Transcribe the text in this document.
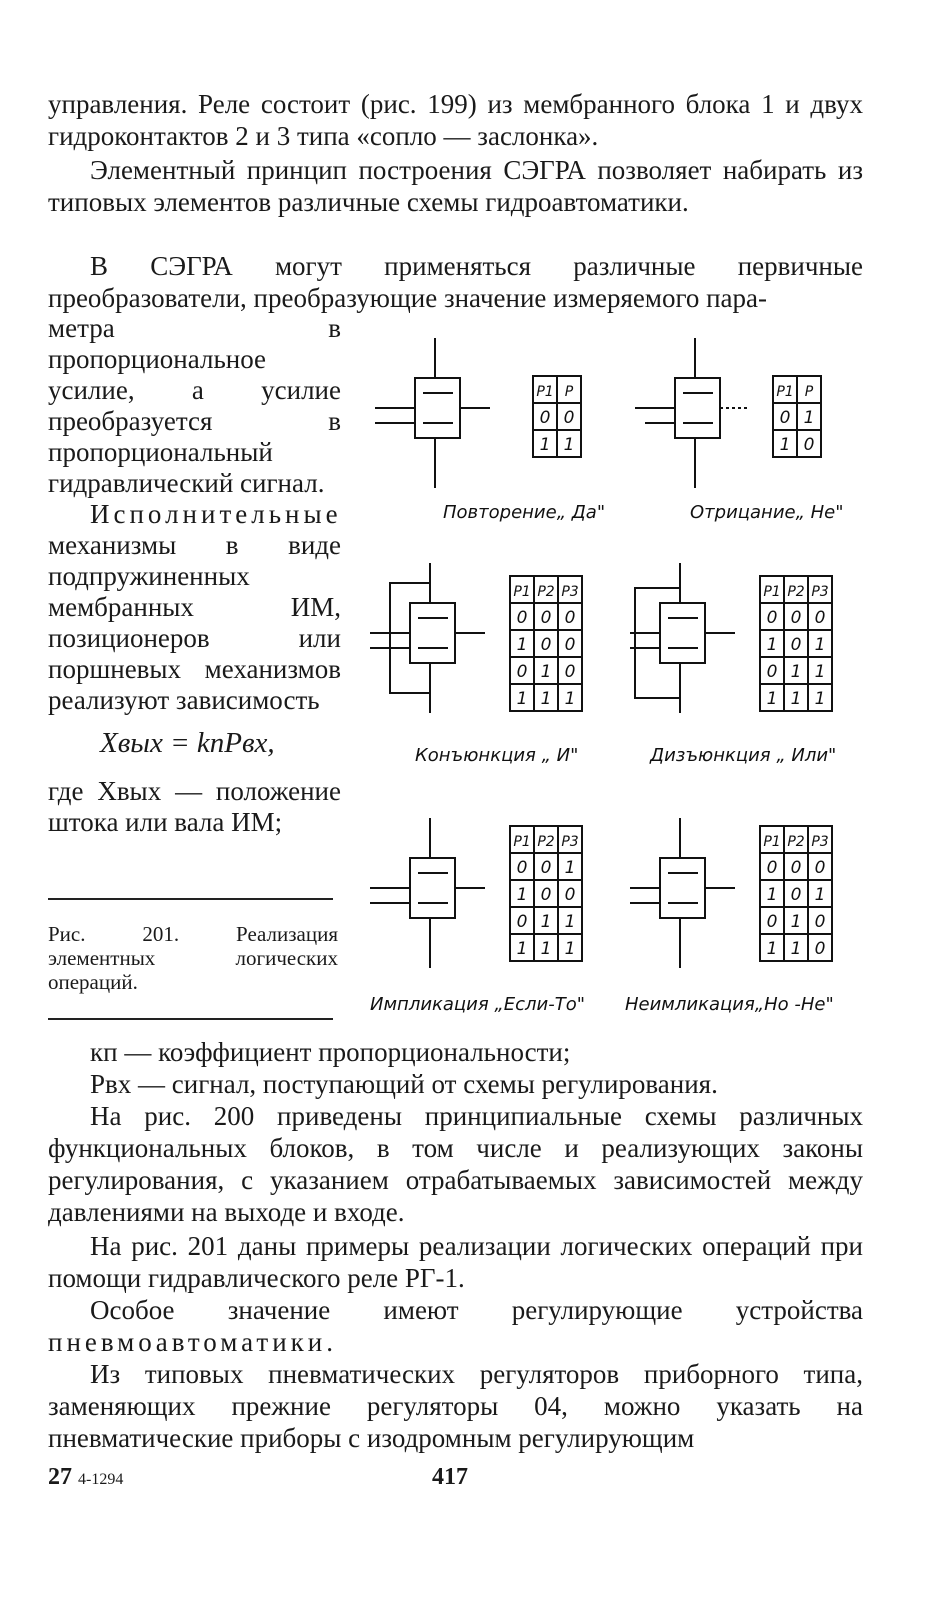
управления. Реле состоит (рис. 199) из мембранного блока 1 и двух гидроконтактов 2 и 3 типа «сопло — заслонка».

Элементный принцип построения СЭГРА позволяет набирать из типовых элементов различные схемы гидроавтоматики.

В СЭГРА могут применяться различные первичные преобразователи, преобразующие значение измеряемого пара-

метра в пропорциональное усилие, а усилие преобразуется в пропорциональный гидравлический сигнал.

Исполнительные механизмы в виде подпружиненных мембранных ИМ, позиционеров или поршневых механизмов реализуют зависимость

Xвых = kпPвх,

где Xвых — положение штока или вала ИМ;

Рис. 201. Реализация элементных логических операций.

P1 P
0 0
1 1
P1 P
0 1
1 0
P1 P2 P3
0 0 0
1 0 0
0 1 0
1 1 1
P1 P2 P3
0 0 0
1 0 1
0 1 1
1 1 1
P1 P2 P3
0 0 1
1 0 0
0 1 1
1 1 1
P1 P2 P3
0 0 0
1 0 1
0 1 0
1 1 0
Повторение„ Да"	Отрицание„ Не"
Конъюнкция „ И"	Дизъюнкция „ Или"
Импликация „Если-То" Неимликация„Но -Не"

кп — коэффициент пропорциональности;

Pвх — сигнал, поступающий от схемы регулирования.

На рис. 200 приведены принципиальные схемы различных функциональных блоков, в том числе и реализующих законы регулирования, с указанием отрабатываемых зависимостей между давлениями на выходе и входе.

На рис. 201 даны примеры реализации логических операций при помощи гидравлического реле РГ-1.

Особое значение имеют регулирующие устройства пневмоавтоматики.

Из типовых пневматических регуляторов приборного типа, заменяющих прежние регуляторы 04, можно указать на пневматические приборы с изодромным регулирующим

27 4-1294	417
